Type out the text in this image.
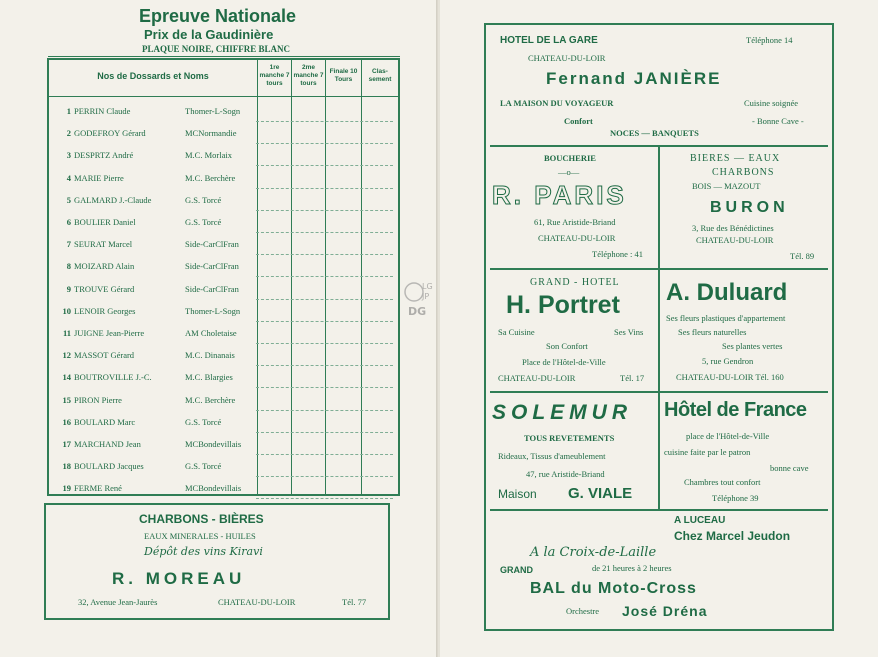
Epreuve Nationale
Prix de la Gaudinière
PLAQUE NOIRE, CHIFFRE BLANC
Nos de Dossards et Noms
1re manche 7 tours
2me manche 7 tours
Finale 10 Tours
Clas- sement
1 PERRIN Claude	Thomer-L-Sogn
2 GODEFROY Gérard	MCNormandie
3 DESPRTZ André	M.C. Morlaix
4 MARIE Pierre	M.C. Berchère
5 GALMARD J.-Claude	G.S. Torcé
6 BOULIER Daniel	G.S. Torcé
7 SEURAT Marcel	Side-CarClFran
8 MOIZARD Alain	Side-CarClFran
9 TROUVE Gérard	Side-CarClFran
10 LENOIR Georges	Thomer-L-Sogn
11 JUIGNE Jean-Pierre	AM Choletaise
12 MASSOT Gérard	M.C. Dinanais
14 BOUTROVILLE J.-C.	M.C. Blargies
15 PIRON Pierre	M.C. Berchère
16 BOULARD Marc	G.S. Torcé
17 MARCHAND Jean	MCBondevillais
18 BOULARD Jacques	G.S. Torcé
19 FERME René	MCBondevillais
CHARBONS - BIÈRES
EAUX MINERALES - HUILES
Dépôt des vins Kiravi
R. MOREAU
32, Avenue Jean-Jaurès	CHATEAU-DU-LOIR	Tél. 77
LG
JP
DG
HOTEL DE LA GARE	Téléphone 14
CHATEAU-DU-LOIR
Fernand JANIÈRE
LA MAISON DU VOYAGEUR	Cuisine soignée
Confort	- Bonne Cave -
NOCES — BANQUETS
BOUCHERIE
—o—
R. PARIS
61, Rue Aristide-Briand
CHATEAU-DU-LOIR
Téléphone : 41
BIERES — EAUX
CHARBONS
BOIS — MAZOUT
BURON
3, Rue des Bénédictines
CHATEAU-DU-LOIR
Tél. 89
GRAND - HOTEL
H. Portret
Sa Cuisine	Ses Vins
Son Confort
Place de l'Hôtel-de-Ville
CHATEAU-DU-LOIR	Tél. 17
A. Duluard
Ses fleurs plastiques d'appartement
Ses fleurs naturelles
Ses plantes vertes
5, rue Gendron
CHATEAU-DU-LOIR Tél. 160
SOLEMUR
TOUS REVETEMENTS
Rideaux, Tissus d'ameublement
47, rue Aristide-Briand
Maison G. VIALE
Hôtel de France
place de l'Hôtel-de-Ville
cuisine faite par le patron
bonne cave
Chambres tout confort
Téléphone 39
A LUCEAU
Chez Marcel Jeudon
A la Croix-de-Laille
GRAND	de 21 heures à 2 heures
BAL du Moto-Cross
Orchestre José Dréna
